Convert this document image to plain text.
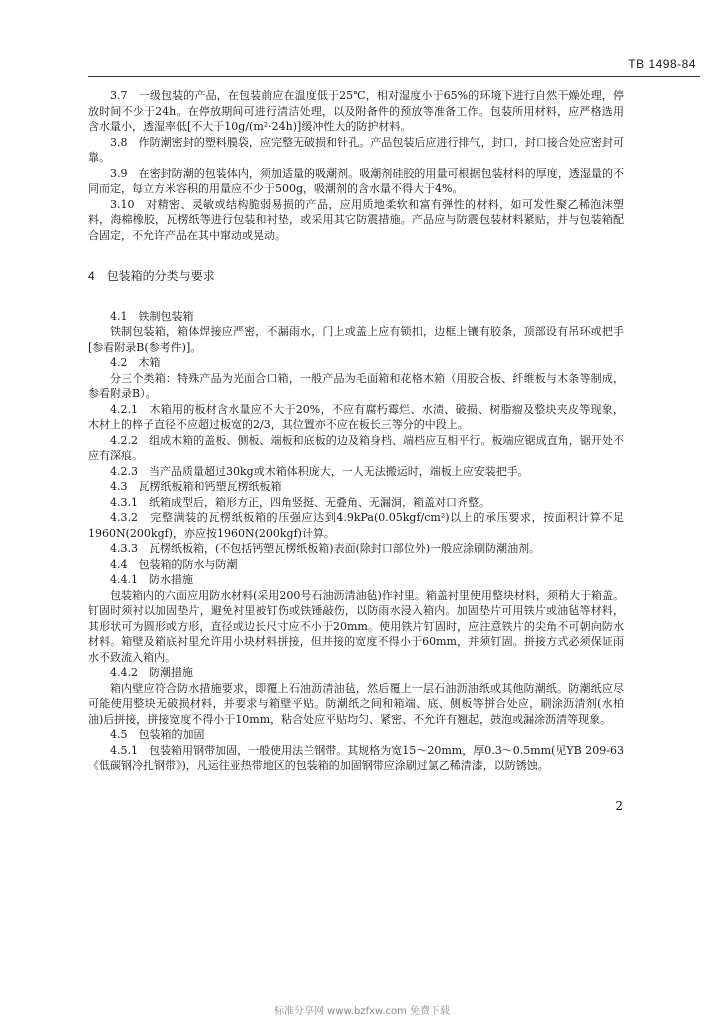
TB 1498-84

3.7　一级包装的产品，在包装前应在温度低于25℃，相对湿度小于65%的环境下进行自然干燥处理，停放时间不少于24h。在停放期间可进行清洁处理，以及附备件的预放等准备工作。包装所用材料，应严格选用含水量小，透湿率低[不大于10g/(m²·24h)]缓冲性大的防护材料。

3.8　作防潮密封的塑料膜袋，应完整无破损和针孔。产品包装后应进行排气，封口，封口接合处应密封可靠。

3.9　在密封防潮的包装体内，须加适量的吸潮剂。吸潮剂硅胶的用量可根据包装材料的厚度，透湿量的不同而定，每立方米容积的用量应不少于500g，吸潮剂的含水量不得大于4%。

3.10　对精密、灵敏或结构脆弱易损的产品，应用质地柔软和富有弹性的材料，如可发性聚乙稀泡沫塑料，海棉橡胶，瓦楞纸等进行包装和衬垫，或采用其它防震措施。产品应与防震包装材料紧贴，并与包装箱配合固定，不允许产品在其中窜动或晃动。

4　包装箱的分类与要求

4.1　铁制包装箱

铁制包装箱，箱体焊接应严密，不漏雨水，门上或盖上应有锁扣，边框上镶有胶条，顶部设有吊环或把手[参看附录B(参考件)]。

4.2　木箱

分三个类箱：特殊产品为光面合口箱，一般产品为毛面箱和花格木箱（用胶合板、纤维板与木条等制成，参看附录B）。

4.2.1　木箱用的板材含水量应不大于20%，不应有腐朽霉烂、水渍、破损、树脂瘤及整块夹皮等现象，木材上的椊子直径不应超过板宽的2/3，其位置亦不应在板长三等分的中段上。

4.2.2　组成木箱的盖板、侧板、端板和底板的边及箱身档、端档应互相平行。板端应锯成直角，锯开处不应有深痕。

4.2.3　当产品质量超过30kg或木箱体积庞大，一人无法搬运时，端板上应安装把手。

4.3　瓦楞纸板箱和钙塑瓦楞纸板箱

4.3.1　纸箱成型后，箱形方正，四角竖挺、无叠角、无漏洞，箱盖对口齐整。

4.3.2　完整满装的瓦楞纸板箱的压强应达到4.9kPa(0.05kgf/cm²)以上的承压要求，按面积计算不足1960N(200kgf)，亦应按1960N(200kgf)计算。

4.3.3　瓦楞纸板箱，(不包括钙塑瓦楞纸板箱)表面(除封口部位外)一般应涂刷防潮油剂。

4.4　包装箱的防水与防潮

4.4.1　防水措施

包装箱内的六面应用防水材料(采用200号石油沥清油毡)作衬里。箱盖衬里使用整块材料，须稍大于箱盖。钉固时须衬以加固垫片，避免衬里被钉伤或铁锤敲伤，以防雨水浸入箱内。加固垫片可用铁片或油毡等材料，其形状可为圆形或方形，直径或边长尺寸应不小于20mm。使用铁片钉固时，应注意铁片的尖角不可朝向防水材料。箱壁及箱底衬里允许用小块材料拼接，但并接的宽度不得小于60mm，并须钉固。拼接方式必须保证雨水不致流入箱内。

4.4.2　防潮措施

箱内壁应符合防水措施要求，即覆上石油沥清油毡，然后覆上一层石油沥油纸或其他防潮纸。防潮纸应尽可能使用整块无破损材料，并要求与箱壁平贴。防潮纸之间和箱端、底、侧板等拼合处应，刷涂沥清剂(水柏油)后拼接，拼接宽度不得小于10mm，粘合处应平贴均匀、紧密、不允许有翘起，鼓泡或漏涂沥清等现象。

4.5　包装箱的加固

4.5.1　包装箱用钢带加固，一般使用法兰钢带。其规格为宽15～20mm，厚0.3～0.5mm(见YB 209-63《低碳钢冷扎钢带》)，凡运往亚热带地区的包装箱的加固钢带应涂刷过氯乙稀清漆，以防锈蚀。

2
标准分享网 www.bzfxw.com 免费下载
